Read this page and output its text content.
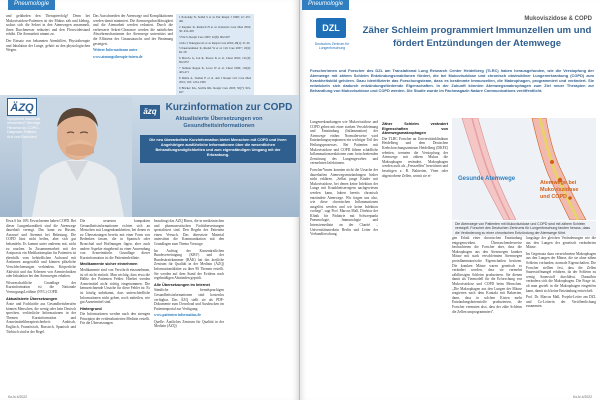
Pneumologie

und gefährden den Therapieerfolg? Denn bei Mukoviszidose-Patienten ist der Mukus zäh und klebrig, sodass sich die Sekret in den Atemwegen ansammelt, ihren Durchmesser reduziert und den Flowwiderstand erhöht. Die Atemarbeit nimmt zu.

Der Einsatz von bekannten Atemhilfen, Physiotherapie und Inhalation der Lunge, gehört zu den physiologischen Wegen.

Das Ausschneiden der Atemwege und Komplikationen werden damit minimiert. Die Atemwegsdurchlässigkeit und die Atemarbeit werden reduziert. Durch die verbesserte Sekret-Clearance werden die natürlichen Abwehrmechanismen der Atemwege unterstützt und die Effizienz des Gasaustauschs und der Beatmung gesteigert.

Weitere Informationen unter

www.atmungstherapie-intern.de

1 Podolsky N, Seidel S et al. Eur Respir J 1998; 12: 457-461

2 Kappler K, Rantsch H et al. Intensive Care Med 2004; 30: 452-458

3 Wu S. Respir Care 2007; 42(6): 602-607

4 Ota J, Nakagawa K et al. Respir Care 2004; 48(1): 31-36

5 Kuerzenmaier K, Riedel W et al. Crit Care 2007; 10(2): R1-58

6 Maccio G, Ion R, Preece K et al. Chest 2002; 121(3): 852-857

7 Sumner Regan K, Lowe W et al. Chest 1999; 116(2): 463-471

8 Dalitz A, Tremel E et al. Am J Respir Crit Care Med 2001; 163: 1254-1309

9 Bricker KG, Seville RK. Respir Care 2003; 50(7): 919-927

ÄZQ
Symptome dauerhaft vermeiden? Wichtige Hinweise zu COPD – Diagnose, Risiken, Arzt und Rauchen!
äzq Kurzinformation zur COPD
Aktualisierte Übersetzungen von Gesundheitsinformationen
Die neu überarbeitete Kurzinformation bietet Menschen mit COPD und ihren Angehörigen ausführliche Informationen über die wesentlichen Behandlungsmöglichkeiten und zum eigenständigen Umgang mit der Erkrankung.

Etwa 6 bis 10% Erwachsenen haben COPD. Bei dieser Lungenkrankheit sind die Atemwege dauerhaft verengt. Das kann zu Husten, Auswurf und Atemnot bei Belastung. Die COPD lässt nicht heilen, aber sich gut behandeln. Es kommt unter anderem mit, nicht zu rauchen. In Zusammenarbeit mit der Arztpraxis ein Medikationsplan für Patienten ist ebenfalls vom behördlichen Aufwand mit Ärztinnen ausgewählt und können plötzliche Verschlechterungen verhindern. Körperliche Aktivität und das Erlernen von Atemtechniken oder Inhalation bei den Atemwegen erhalten.

Wissenschaftliche Grundlage der Kurzinformation ist die Nationale VersorgungsLeitlinie (NVL) COPD.

Aktualisierte Übersetzungen

Ärzte und Fachkräfte aus Gesundheitsberufen können Menschen, die wenig oder kein Deutsch sprechen, verlässliche Informationen in der Themen Kurzinformation und Arzneimitteltherapiesicherheit: Arabisch, Englisch, Französisch, Russisch, Spanisch und Türkisch sind in der Regel.

Die neuesten kompakten Gesundheitsinformationen richten sich an Menschen mit Lungenkrankheiten, bei denen es zu Übersetzungen bereits mit einer Form von Bedenken fassen, die in Spanisch oder Bronchial und Hoffnungen fügen, aber auch andere Aspekte eingehend zu einer Anwendung von Arzneimitteln. Grundlage dieser Kurzinformation ist die Patientenleitlinie.

Medikamente sicher einnehmen

Medikamente sind von Verschrift einzunehmen, ist oft nicht einfach. Man wichtig, dass etwa die Hälfte der Patienten Fehler. Hierbei werden Arzneimittel nicht richtig eingenommen. Die kennzeichnende Ursache für diese Fehler ist: Es ist häufig unbekannt, dass unterschiedliche Informationen nicht geben, noch mitteilen, wie gut Arzneimittel sind.

Hintergrund

Die Informationen werden nach den strengen Prinzipien der evidenzbasierten Medizin erstellt. Für die Übersetzungen

beauftragt das ÄZQ Büros, die in medizinischen und pharmazeutischen Fachübersetzungen spezialisiert sind. Den Regeln des Patienten einen Versuch. Das übersetzte Material unterstützt die Kommunikation mit den Grundlagen zum Thema Vorsorge.

Im Auftrag der Kassenärztlichen Bundesvereinigung (KBV) und der Bundesärztekammer (BÄK) hat das ärztliche Zentrum für Qualität in der Medizin (ÄZQ) Informationsblätter zu über 90 Themen erstellt. Sie werden auf dem Stand der Evidenz nach regelmäßigen Abständen geprüft.

Alle Übersetzungen im Internet

Sämtliche fremdsprachigen Gesundheitsinformationen sind kostenlos verfügbar. Das ÄZQ stellt sie als PDF-Dokumente zum Download und Ausdrucken im Patientenportal zur Verfügung:

www.patienten-information.de

Quelle: Ärztliches Zentrum für Qualität in der Medizin (ÄZQ)

KoJo 4/2022
Pneumologie
Mukoviszidose & COPD
DZL
Deutsches Zentrum für Lungenforschung
Zäher Schleim programmiert Immunzellen um und fördert Entzündungen der Atemwege
Forscherinnen und Forscher des DZL am Translational Lung Research Center Heidelberg (TLRC) haben herausgefunden, wie die Verstopfung der Atemwege mit zähem Schleim Entzündungsreaktionen fördert, die bei Mukoviszidose und chronisch obstruktiver Lungenerkrankung (COPD) zum Krankheitsbild gehören. Dazu identifizierte das Forschungsteam, dass es bestimmte Immunzellen, die Makrophagen, programmiert und verändert. Sie entwickeln sich dadurch entzündungsfördernde Eigenschaften. In der Zukunft könnten Atemwegsmakrophagen zum Ziel neuer Therapien zur Behandlung von Mukoviszidose und COPD werden. Die Studie wurde im Fachmagazin Nature Communications veröffentlicht.

Lungenerkrankungen wie Mukoviszidose und COPD gehen mit einer starken Verschleimung und Entzündung (Inflammation) der Atemwege einher. Normalerweise wird Entzündungssymptomen ein wichtiger Teil des Heilungsprozesses. Bei Patienten mit Mukoviszidose und COPD führen schädliche Inflammationsreaktionen zum fortschreitenden Zerstörung des Lungengewebes und vermehrten Infektionen.

Forscher*innen konnten nicht die Ursache der dauerhaften Atemwegsentzündungen bisher nicht erklären. „Selbst junge Kinder mit Mukoviszidose, bei denen keine Infektion der Lunge mit Krankheitserregern nachgewiesen werden kann, haben bereits chronisch entzündete Atemwege. Wir fragen uns also, wie diese chronischen Inflammationen ausgelöst werden und wir keine Infektion vorliegt", sagt Prof. Marcus Mall, Direktor der Klinik für Pädiatrie mit Schwerpunkt Pneumologie, Immunologie und Intensivmedizin an der Charité – Universitätsmedizin Berlin und Leiter der Verbundforschung.

Zäher Schleim verändert Eigenschaften von Atemwegsmakrophagen

Die TLRC Forscher an Universitätsklinikum Heidelberg und dem Deutschen Krebsforschungszentrum Heidelberg (DKFZ) rebetten, trennten die Verstopfung der Atemwege mit zähem Mukus die Makrophagen verändert. Makrophagen werden auch als „Fresszellen" bezeichnet und beseitigen z. B. Bakterien, Viren oder abgestorbene Zellen, womit sie ei-

Gesunde Atemwege
Atemwege bei Mukoviszidose und COPD
Die Atemwege von Patienten mit Mukoviszidose und COPD sind mit zähem Schleim verstopft. Forscher des Deutschen Zentrums für Lungenforschung fanden heraus, dass die Veränderung zu einer chronischen Entzündung der Atemwege führt.

gen Erhalt einer chronischen Entzündung entgegenwirken. Überraschenderweise beobachteten die Forscher aber, dass die Makrophagen aus den Atemwegen kranker Mäuse mit stark verschleimten Atemwegen proinflammatorische Eigenschaften besitzen. Die kranken Mäuse waren genetisch so verändert worden, dass sie vermehrt zähflüssigen Schleim produzieren. Sie dienen damit als Tiermodell für die Erforschung von Mukoviszidose und COPD beim Menschen. „Die Makrophagen aus den Lungen der Mäuse reagierten nach dem Kontakt mit Bakterien, dann, dass in solchen Kisten mehr Entzündungsbotenstoffe produzierten, die Forscher vermuten also, dass der zähe Schleim die Zellen umprogrammiert".

lungslage der gleichen Veränderungen wie die aus den Lungen der genetisch veränderten Mäuse.

Im Gegensatz dazu verzeichneten Makrophagen aus den Lungen der Mäuse, die sie ohne zähen Schleim vorfanden, normale Eigenschaften. Die Forscher stellten fest, dass die Zellen Sauerstoffmangel erfahren, da der Schleim zu wenig Sauerstoff durchlässt. Daraufhin verändern sich die Makrophagen. Die Frage ist, ob man gezielt in die Makrophagen eingreifen kann, damit sich keine Entzündung entwickelt.

Prof. Dr. Marcus Mall, Projekt-Leiter am DZL und Co-Leiterin der Veröffentlichung zusammen.

KoJo 4/2022
